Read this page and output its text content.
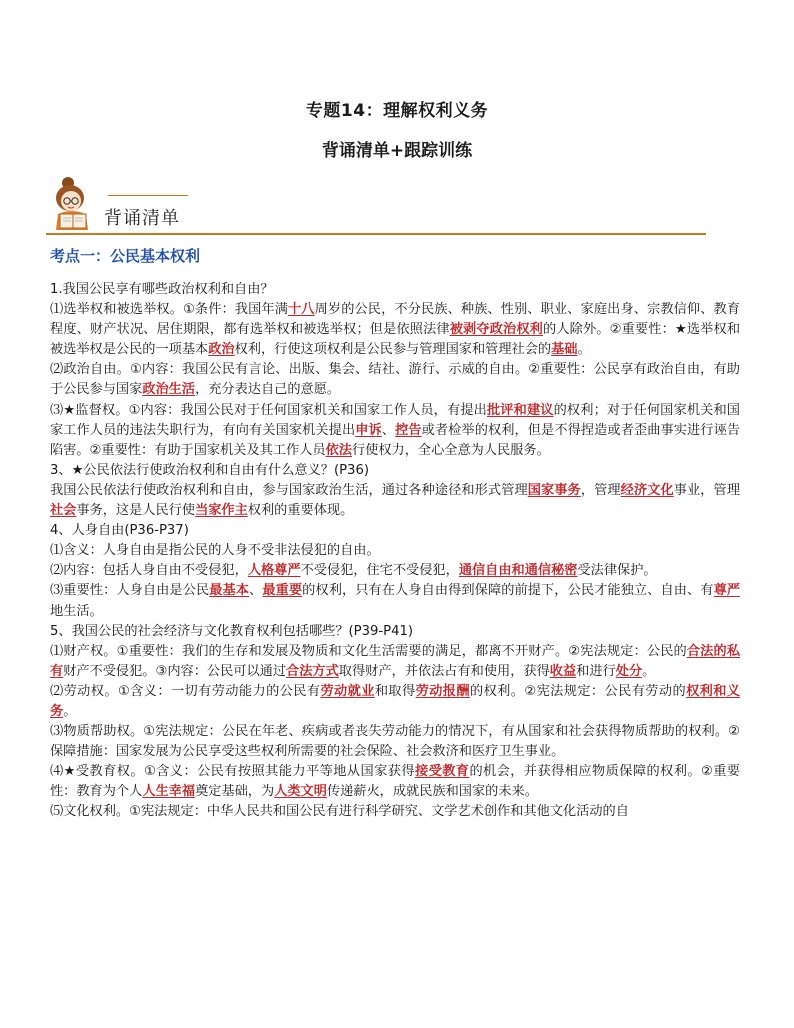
专题14：理解权利义务
背诵清单+跟踪训练
背诵清单
考点一：公民基本权利

1.我国公民享有哪些政治权利和自由？

⑴选举权和被选举权。①条件：我国年满十八周岁的公民，不分民族、种族、性别、职业、家庭出身、宗教信仰、教育程度、财产状况、居住期限，都有选举权和被选举权；但是依照法律被剥夺政治权利的人除外。②重要性：★选举权和被选举权是公民的一项基本政治权利，行使这项权利是公民参与管理国家和管理社会的基础。

⑵政治自由。①内容：我国公民有言论、出版、集会、结社、游行、示威的自由。②重要性：公民享有政治自由，有助于公民参与国家政治生活，充分表达自己的意愿。

⑶★监督权。①内容：我国公民对于任何国家机关和国家工作人员，有提出批评和建议的权利；对于任何国家机关和国家工作人员的违法失职行为，有向有关国家机关提出申诉、控告或者检举的权利，但是不得捏造或者歪曲事实进行诬告陷害。②重要性：有助于国家机关及其工作人员依法行使权力，全心全意为人民服务。

3、★公民依法行使政治权利和自由有什么意义？(P36)

我国公民依法行使政治权利和自由，参与国家政治生活，通过各种途径和形式管理国家事务，管理经济文化事业，管理社会事务，这是人民行使当家作主权利的重要体现。

4、人身自由(P36-P37)

⑴含义：人身自由是指公民的人身不受非法侵犯的自由。

⑵内容：包括人身自由不受侵犯，人格尊严不受侵犯，住宅不受侵犯，通信自由和通信秘密受法律保护。

⑶重要性：人身自由是公民最基本、最重要的权利，只有在人身自由得到保障的前提下，公民才能独立、自由、有尊严地生活。

5、我国公民的社会经济与文化教育权利包括哪些？(P39-P41)

⑴财产权。①重要性：我们的生存和发展及物质和文化生活需要的满足，都离不开财产。②宪法规定：公民的合法的私有财产不受侵犯。③内容：公民可以通过合法方式取得财产，并依法占有和使用，获得收益和进行处分。

⑵劳动权。①含义：一切有劳动能力的公民有劳动就业和取得劳动报酬的权利。②宪法规定：公民有劳动的权利和义务。

⑶物质帮助权。①宪法规定：公民在年老、疾病或者丧失劳动能力的情况下，有从国家和社会获得物质帮助的权利。②保障措施：国家发展为公民享受这些权利所需要的社会保险、社会救济和医疗卫生事业。

⑷★受教育权。①含义：公民有按照其能力平等地从国家获得接受教育的机会，并获得相应物质保障的权利。②重要性：教育为个人人生幸福奠定基础，为人类文明传递薪火，成就民族和国家的未来。

⑸文化权利。①宪法规定：中华人民共和国公民有进行科学研究、文学艺术创作和其他文化活动的自
